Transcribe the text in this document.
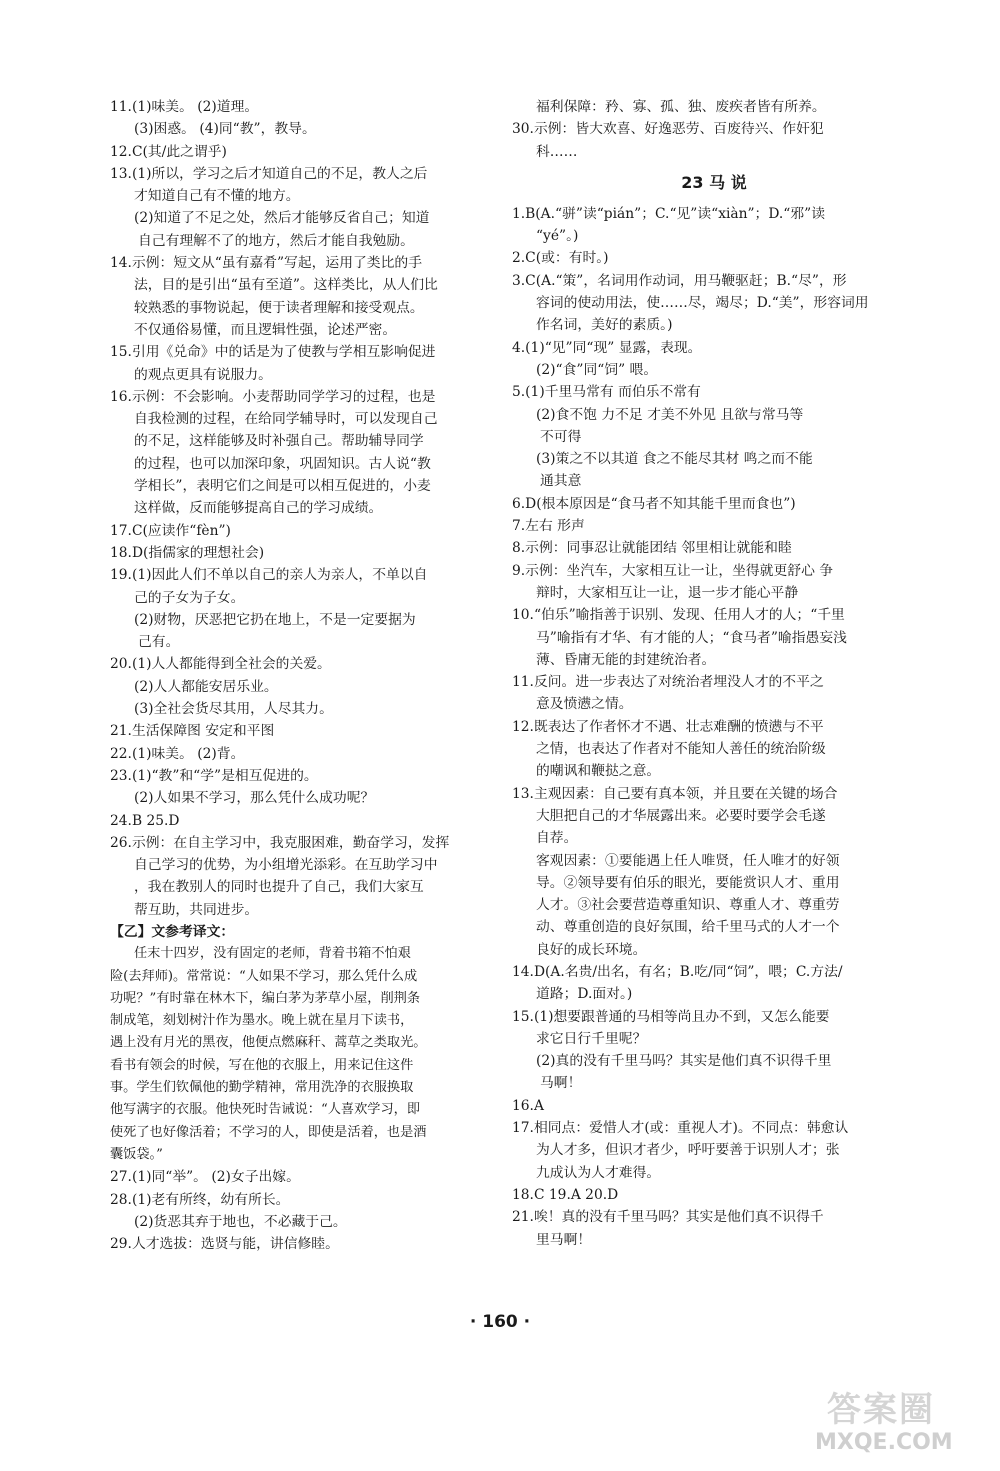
11.(1)味美。 (2)道理。
(3)困惑。 (4)同“教”，教导。
12.C(其/此之谓乎)
13.(1)所以，学习之后才知道自己的不足，教人之后
才知道自己有不懂的地方。
(2)知道了不足之处，然后才能够反省自己；知道
自己有理解不了的地方，然后才能自我勉励。
14.示例：短文从“虽有嘉肴”写起，运用了类比的手
法，目的是引出“虽有至道”。这样类比，从人们比
较熟悉的事物说起，便于读者理解和接受观点。
不仅通俗易懂，而且逻辑性强，论述严密。
15.引用《兑命》中的话是为了使教与学相互影响促进
的观点更具有说服力。
16.示例：不会影响。小麦帮助同学学习的过程，也是
自我检测的过程，在给同学辅导时，可以发现自己
的不足，这样能够及时补强自己。帮助辅导同学
的过程，也可以加深印象，巩固知识。古人说“教
学相长”，表明它们之间是可以相互促进的，小麦
这样做，反而能够提高自己的学习成绩。
17.C(应读作“fèn”)
18.D(指儒家的理想社会)
19.(1)因此人们不单以自己的亲人为亲人，不单以自
己的子女为子女。
(2)财物，厌恶把它扔在地上，不是一定要据为
己有。
20.(1)人人都能得到全社会的关爱。
(2)人人都能安居乐业。
(3)全社会货尽其用，人尽其力。
21.生活保障图 安定和平图
22.(1)味美。 (2)背。
23.(1)“教”和“学”是相互促进的。
(2)人如果不学习，那么凭什么成功呢？
24.B 25.D
26.示例：在自主学习中，我克服困难，勤奋学习，发挥
自己学习的优势，为小组增光添彩。在互助学习中
，我在教别人的同时也提升了自己，我们大家互
帮互助，共同进步。
【乙】文参考译文：
任末十四岁，没有固定的老师，背着书箱不怕艰
险(去拜师)。常常说：“人如果不学习，那么凭什么成
功呢？”有时靠在林木下，编白茅为茅草小屋，削荆条
制成笔，刻划树汁作为墨水。晚上就在星月下读书，
遇上没有月光的黑夜，他便点燃麻秆、蒿草之类取光。
看书有领会的时候，写在他的衣服上，用来记住这件
事。学生们钦佩他的勤学精神，常用洗净的衣服换取
他写满字的衣服。他快死时告诫说：“人喜欢学习，即
使死了也好像活着；不学习的人，即使是活着，也是酒
囊饭袋。”
27.(1)同“举”。 (2)女子出嫁。
28.(1)老有所终，幼有所长。
(2)货恶其弃于地也，不必藏于己。
29.人才选拔：选贤与能，讲信修睦。
福利保障：矜、寡、孤、独、废疾者皆有所养。
30.示例：皆大欢喜、好逸恶劳、百废待兴、作奸犯
科……
23 马 说
1.B(A.“骈”读“pián”；C.“见”读“xiàn”；D.“邪”读
“yé”。)
2.C(或：有时。)
3.C(A.“策”，名词用作动词，用马鞭驱赶；B.“尽”，形
容词的使动用法，使……尽，竭尽；D.“美”，形容词用
作名词，美好的素质。)
4.(1)“见”同“现” 显露，表现。
(2)“食”同“饲” 喂。
5.(1)千里马常有 而伯乐不常有
(2)食不饱 力不足 才美不外见 且欲与常马等
不可得
(3)策之不以其道 食之不能尽其材 鸣之而不能
通其意
6.D(根本原因是“食马者不知其能千里而食也”)
7.左右 形声
8.示例：同事忍让就能团结 邻里相让就能和睦
9.示例：坐汽车，大家相互让一让，坐得就更舒心 争
辩时，大家相互让一让，退一步才能心平静
10.“伯乐”喻指善于识别、发现、任用人才的人；“千里
马”喻指有才华、有才能的人；“食马者”喻指愚妄浅
薄、昏庸无能的封建统治者。
11.反问。进一步表达了对统治者埋没人才的不平之
意及愤懑之情。
12.既表达了作者怀才不遇、壮志难酬的愤懑与不平
之情，也表达了作者对不能知人善任的统治阶级
的嘲讽和鞭挞之意。
13.主观因素：自己要有真本领，并且要在关键的场合
大胆把自己的才华展露出来。必要时要学会毛遂
自荐。
客观因素：①要能遇上任人唯贤，任人唯才的好领
导。②领导要有伯乐的眼光，要能赏识人才、重用
人才。③社会要营造尊重知识、尊重人才、尊重劳
动、尊重创造的良好氛围，给千里马式的人才一个
良好的成长环境。
14.D(A.名贵/出名，有名；B.吃/同“饲”，喂；C.方法/
道路；D.面对。)
15.(1)想要跟普通的马相等尚且办不到，又怎么能要
求它日行千里呢？
(2)真的没有千里马吗？其实是他们真不识得千里
马啊！
16.A
17.相同点：爱惜人才(或：重视人才)。不同点：韩愈认
为人才多，但识才者少，呼吁要善于识别人才；张
九成认为人才难得。
18.C 19.A 20.D
21.唉！真的没有千里马吗？其实是他们真不识得千
里马啊！
· 160 ·
答案圈
MXQE.COM
